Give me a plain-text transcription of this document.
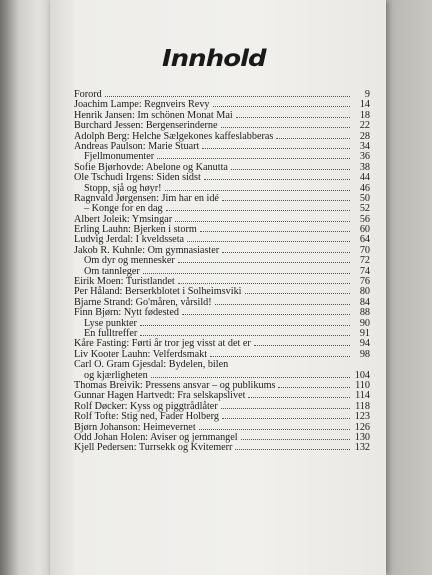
Innhold
Forord	9
Joachim Lampe: Regnveirs Revy	14
Henrik Jansen: Im schönen Monat Mai	18
Burchard Jessen: Bergenserinderne	22
Adolph Berg: Helche Sælgekones kaffeslabberas	28
Andreas Paulson: Marie Stuart	34
Fjellmonumenter	36
Sofie Bjørhovde: Abelone og Kanutta	38
Ole Tschudi Irgens: Siden sidst	44
Stopp, sjå og høyr!	46
Ragnvald Jørgensen: Jim har en idé	50
– Konge for en dag	52
Albert Joleik: Ymsingar	56
Erling Lauhn: Bjerken i storm	60
Ludvig Jerdal: I kveldsseta	64
Jakob R. Kuhnle: Om gymnasiaster	70
Om dyr og mennesker	72
Om tannleger	74
Eirik Moen: Turistlandet	76
Per Håland: Berserkblotet i Solheimsviki	80
Bjarne Strand: Go'måren, vårsild!	84
Finn Bjørn: Nytt fødested	88
Lyse punkter	90
En fulltreffer	91
Kåre Fasting: Førti år tror jeg visst at det er	94
Liv Kooter Lauhn: Velferdsmakt	98
Carl O. Gram Gjesdal: Bydelen, bilen
og kjærligheten	104
Thomas Breivik: Pressens ansvar – og publikums	110
Gunnar Hagen Hartvedt: Fra selskapslivet	114
Rolf Døcker: Kyss og piggtrådlåter	118
Rolf Tofte: Stig ned, Fader Holberg	123
Bjørn Johanson: Heimevernet	126
Odd Johan Holen: Aviser og jernmangel	130
Kjell Pedersen: Turrsekk og Kvitemerr	132
